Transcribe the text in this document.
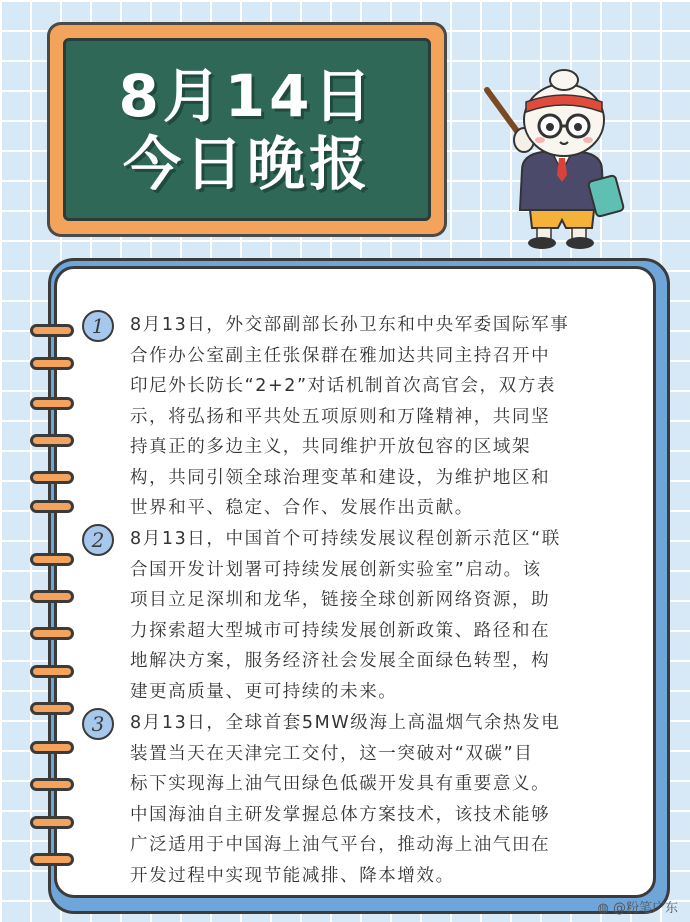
8月14日
今日晚报
1	8月13日，外交部副部长孙卫东和中央军委国际军事
合作办公室副主任张保群在雅加达共同主持召开中
印尼外长防长“2+2”对话机制首次高官会，双方表
示，将弘扬和平共处五项原则和万隆精神，共同坚
持真正的多边主义，共同维护开放包容的区域架
构，共同引领全球治理变革和建设，为维护地区和
世界和平、稳定、合作、发展作出贡献。
2	8月13日，中国首个可持续发展议程创新示范区“联
合国开发计划署可持续发展创新实验室”启动。该
项目立足深圳和龙华，链接全球创新网络资源，助
力探索超大型城市可持续发展创新政策、路径和在
地解决方案，服务经济社会发展全面绿色转型，构
建更高质量、更可持续的未来。
3	8月13日，全球首套5MW级海上高温烟气余热发电
装置当天在天津完工交付，这一突破对“双碳”目
标下实现海上油气田绿色低碳开发具有重要意义。
中国海油自主研发掌握总体方案技术，该技术能够
广泛适用于中国海上油气平台，推动海上油气田在
开发过程中实现节能减排、降本增效。
◍ @粉笔广东
